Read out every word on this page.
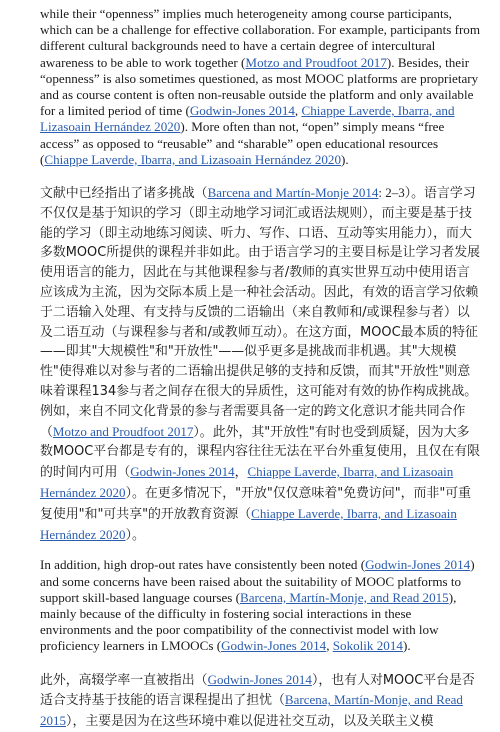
while their “openness” implies much heterogeneity among course participants, which can be a challenge for effective collaboration. For example, participants from different cultural backgrounds need to have a certain degree of intercultural awareness to be able to work together (Motzo and Proudfoot 2017). Besides, their “openness” is also sometimes questioned, as most MOOC platforms are proprietary and as course content is often non-reusable outside the platform and only available for a limited period of time (Godwin-Jones 2014, Chiappe Laverde, Ibarra, and Lizasoain Hernández 2020). More often than not, “open” simply means “free access” as opposed to “reusable” and “sharable” open educational resources (Chiappe Laverde, Ibarra, and Lizasoain Hernández 2020).

文献中已经指出了诸多挑战（Barcena and Martín-Monje 2014: 2–3）。语言学习不仅仅是基于知识的学习（即主动地学习词汇或语法规则），而主要是基于技能的学习（即主动地练习阅读、听力、写作、口语、互动等实用能力），而大多数MOOC所提供的课程并非如此。由于语言学习的主要目标是让学习者发展使用语言的能力，因此在与其他课程参与者/教师的真实世界互动中使用语言应该成为主流，因为交际本质上是一种社会活动。因此，有效的语言学习依赖于二语输入处理、有支持与反馈的二语输出（来自教师和/或课程参与者）以及二语互动（与课程参与者和/或教师互动）。在这方面，MOOC最本质的特征——即其"大规模性"和"开放性"——似乎更多是挑战而非机遇。其"大规模性"使得难以对参与者的二语输出提供足够的支持和反馈，而其"开放性"则意味着课程134参与者之间存在很大的异质性，这可能对有效的协作构成挑战。例如，来自不同文化背景的参与者需要具备一定的跨文化意识才能共同合作（Motzo and Proudfoot 2017）。此外，其"开放性"有时也受到质疑，因为大多数MOOC平台都是专有的，课程内容往往无法在平台外重复使用，且仅在有限的时间内可用（Godwin-Jones 2014，Chiappe Laverde, Ibarra, and Lizasoain Hernández 2020）。在更多情况下，"开放"仅仅意味着"免费访问"，而非"可重复使用"和"可共享"的开放教育资源（Chiappe Laverde, Ibarra, and Lizasoain Hernández 2020）。

In addition, high drop-out rates have consistently been noted (Godwin-Jones 2014) and some concerns have been raised about the suitability of MOOC platforms to support skill-based language courses (Barcena, Martín-Monje, and Read 2015), mainly because of the difficulty in fostering social interactions in these environments and the poor compatibility of the connectivist model with low proficiency learners in LMOOCs (Godwin-Jones 2014, Sokolik 2014).

此外，高辍学率一直被指出（Godwin-Jones 2014），也有人对MOOC平台是否适合支持基于技能的语言课程提出了担忧（Barcena, Martín-Monje, and Read 2015），主要是因为在这些环境中难以促进社交互动，以及关联主义模
